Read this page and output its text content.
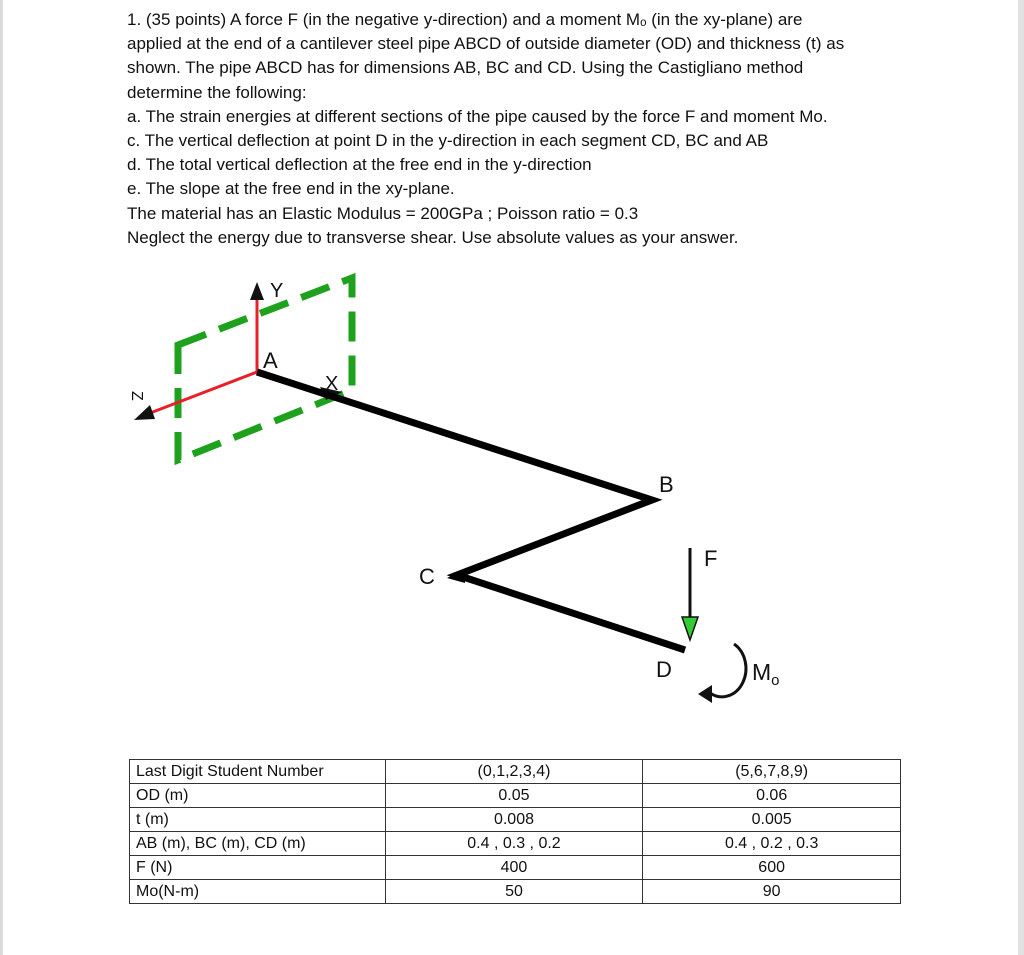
1. (35 points) A force F (in the negative y-direction) and a moment Mₒ (in the xy-plane) are

applied at the end of a cantilever steel pipe ABCD of outside diameter (OD) and thickness (t) as

shown. The pipe ABCD has for dimensions AB, BC and CD. Using the Castigliano method

determine the following:

a. The strain energies at different sections of the pipe caused by the force F and moment Mo.

c. The vertical deflection at point D in the y-direction in each segment CD, BC and AB

d. The total vertical deflection at the free end in the y-direction

e. The slope at the free end in the xy-plane.

The material has an Elastic Modulus = 200GPa ; Poisson ratio = 0.3

Neglect the energy due to transverse shear. Use absolute values as your answer.

Y
Z
X
A
B
C
D
F
$M_o$
Last Digit Student Number	(0,1,2,3,4)	(5,6,7,8,9)
OD (m)	0.05	0.06
t (m)	0.008	0.005
AB (m), BC (m), CD (m)	0.4 , 0.3 , 0.2	0.4 , 0.2 , 0.3
F (N)	400	600
Mo(N-m)	50	90
